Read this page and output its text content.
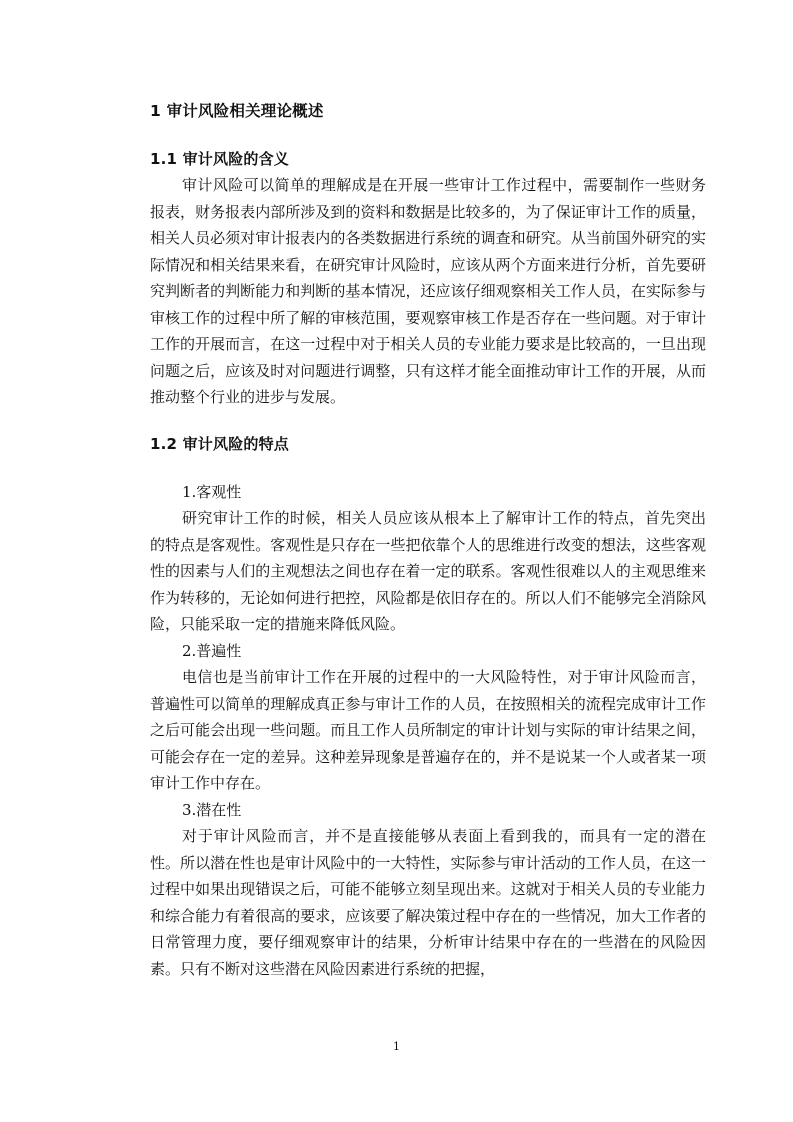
1 审计风险相关理论概述
1.1 审计风险的含义

审计风险可以简单的理解成是在开展一些审计工作过程中，需要制作一些财务报表，财务报表内部所涉及到的资料和数据是比较多的，为了保证审计工作的质量，相关人员必须对审计报表内的各类数据进行系统的调查和研究。从当前国外研究的实际情况和相关结果来看，在研究审计风险时，应该从两个方面来进行分析，首先要研究判断者的判断能力和判断的基本情况，还应该仔细观察相关工作人员，在实际参与审核工作的过程中所了解的审核范围，要观察审核工作是否存在一些问题。对于审计工作的开展而言，在这一过程中对于相关人员的专业能力要求是比较高的，一旦出现问题之后，应该及时对问题进行调整，只有这样才能全面推动审计工作的开展，从而推动整个行业的进步与发展。

1.2 审计风险的特点
1.客观性

研究审计工作的时候，相关人员应该从根本上了解审计工作的特点，首先突出的特点是客观性。客观性是只存在一些把依靠个人的思维进行改变的想法，这些客观性的因素与人们的主观想法之间也存在着一定的联系。客观性很难以人的主观思维来作为转移的，无论如何进行把控，风险都是依旧存在的。所以人们不能够完全消除风险，只能采取一定的措施来降低风险。

2.普遍性

电信也是当前审计工作在开展的过程中的一大风险特性，对于审计风险而言，普遍性可以简单的理解成真正参与审计工作的人员，在按照相关的流程完成审计工作之后可能会出现一些问题。而且工作人员所制定的审计计划与实际的审计结果之间，可能会存在一定的差异。这种差异现象是普遍存在的，并不是说某一个人或者某一项审计工作中存在。

3.潜在性

对于审计风险而言，并不是直接能够从表面上看到我的，而具有一定的潜在性。所以潜在性也是审计风险中的一大特性，实际参与审计活动的工作人员，在这一过程中如果出现错误之后，可能不能够立刻呈现出来。这就对于相关人员的专业能力和综合能力有着很高的要求，应该要了解决策过程中存在的一些情况，加大工作者的日常管理力度，要仔细观察审计的结果，分析审计结果中存在的一些潜在的风险因素。只有不断对这些潜在风险因素进行系统的把握，

1
